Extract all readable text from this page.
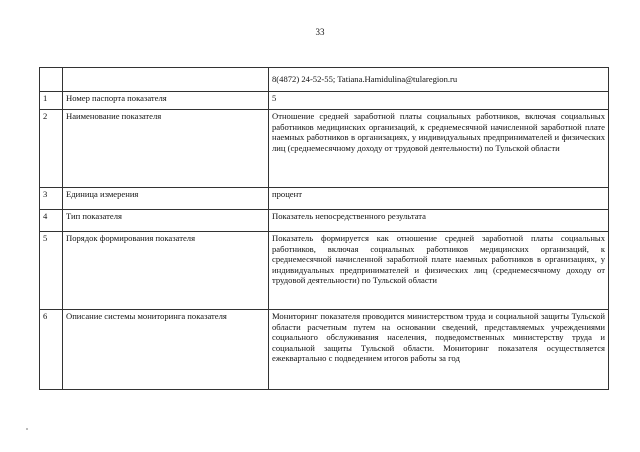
33
		8(4872) 24-52-55; Tatiana.Hamidulina@tularegion.ru
1	Номер паспорта показателя	5
2	Наименование показателя	Отношение средней заработной платы социальных работников, включая социальных работников медицинских организаций, к среднемесячной начисленной заработной плате наемных работников в организациях, у индивидуальных предпринимателей и физических лиц (среднемесячному доходу от трудовой деятельности) по Тульской области
3	Единица измерения	процент
4	Тип показателя	Показатель непосредственного результата
5	Порядок формирования показателя	Показатель формируется как отношение средней заработной платы социальных работников, включая социальных работников медицинских организаций, к среднемесячной начисленной заработной плате наемных работников в организациях, у индивидуальных предпринимателей и физических лиц (среднемесячному доходу от трудовой деятельности) по Тульской области
6	Описание системы мониторинга показателя	Мониторинг показателя проводится министерством труда и социальной защиты Тульской области расчетным путем на основании сведений, представляемых учреждениями социального обслуживания населения, подведомственных министерству труда и социальной защиты Тульской области. Мониторинг показателя осуществляется ежеквартально с подведением итогов работы за год
